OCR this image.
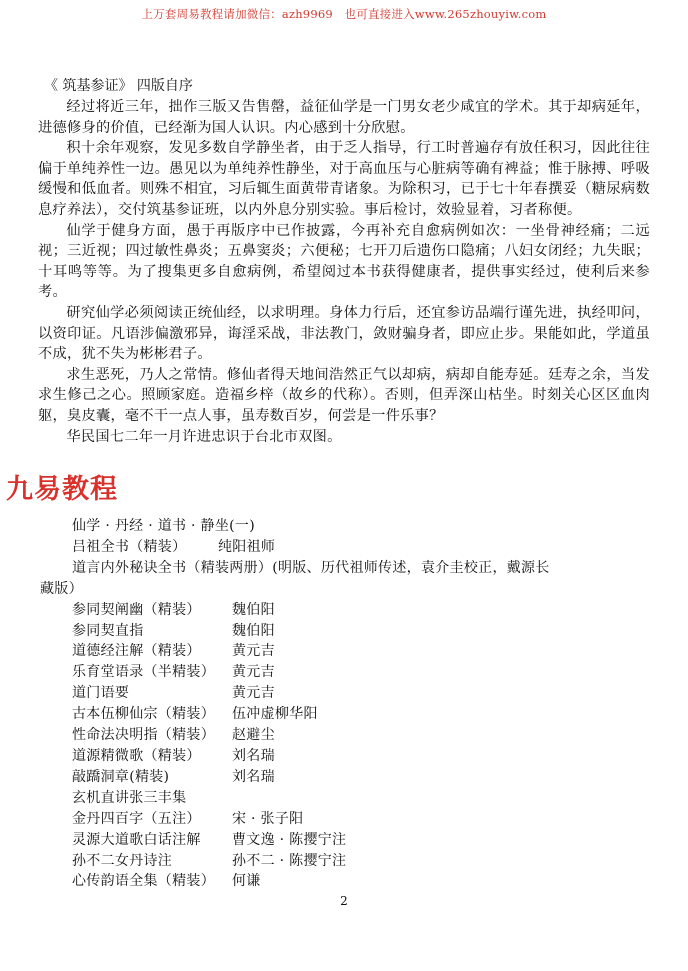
上万套周易教程请加微信：azh9969　也可直接进入www.265zhouyiw.com
《 筑基参证》 四版自序

经过将近三年，拙作三版又告售罄，益征仙学是一门男女老少咸宜的学术。其于却病延年，进德修身的价值，已经渐为国人认识。内心感到十分欣慰。

积十余年观察，发见多数自学静坐者，由于乏人指导，行工时普遍存有放任积习，因此往往偏于单纯养性一边。愚见以为单纯养性静坐，对于高血压与心脏病等确有裨益；惟于脉搏、呼吸缓慢和低血者。则殊不相宜，习后辄生面黄带青诸象。为除积习，已于七十年春撰妥（糖尿病数息疗养法），交付筑基参证班，以内外息分别实验。事后检讨，效验显着，习者称便。

仙学于健身方面，愚于再版序中已作披露，今再补充自愈病例如次：一坐骨神经痛；二远视；三近视；四过敏性鼻炎；五鼻窦炎；六便秘；七开刀后遗伤口隐痛；八妇女闭经；九失眠；十耳鸣等等。为了搜集更多自愈病例，希望阅过本书获得健康者，提供事实经过，使利后来参考。

研究仙学必须阅读正统仙经，以求明理。身体力行后，还宜参访品端行谨先进，执经叩问，以资印证。凡语涉偏激邪异，诲淫采战，非法教门，敛财骗身者，即应止步。果能如此，学道虽不成，犹不失为彬彬君子。

求生恶死，乃人之常情。修仙者得天地间浩然正气以却病，病却自能寿延。廷寿之余，当发求生修己之心。照顾家庭。造福乡梓（故乡的代称）。否则，但弄深山枯坐。时刻关心区区血肉躯，臭皮囊，毫不干一点人事，虽寿数百岁，何尝是一件乐事？

华民国七二年一月许进忠识于台北市双图。

九易教程
仙学 · 丹经 · 道书 · 静坐(一)
吕祖全书（精装）	纯阳祖师
道言内外秘诀全书（精装两册）(明版、历代祖师传述，袁介圭校正，戴源长
藏版）
参同契阐幽（精装）	魏伯阳
参同契直指	魏伯阳
道德经注解（精装）	黄元吉
乐育堂语录（半精装）	黄元吉
道门语要	黄元吉
古本伍柳仙宗（精装）	伍冲虚柳华阳
性命法决明指（精装）	赵避尘
道源精微歌（精装）	刘名瑞
敲蹻洞章(精装)	刘名瑞
玄机直讲张三丰集
金丹四百字（五注）	宋 · 张子阳
灵源大道歌白话注解	曹文逸 · 陈撄宁注
孙不二女丹诗注	孙不二 · 陈撄宁注
心传韵语全集（精装）	何谦
2
